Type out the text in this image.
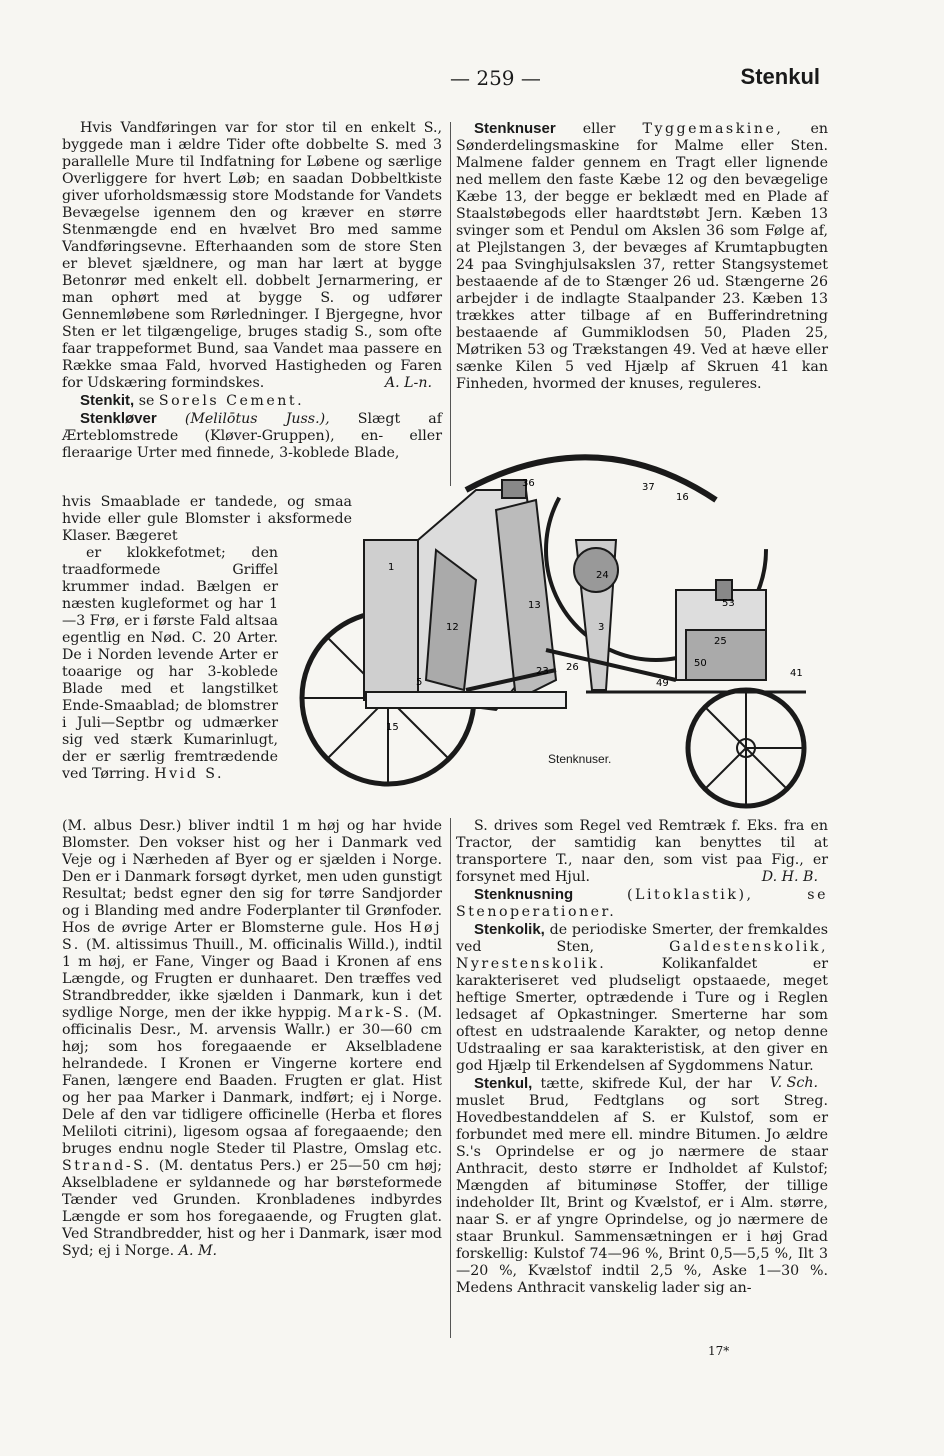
— 259 —	Stenkul

Hvis Vandføringen var for stor til en enkelt S., byggede man i ældre Tider ofte dobbelte S. med 3 parallelle Mure til Indfatning for Løbene og særlige Overliggere for hvert Løb; en saadan Dobbeltkiste giver uforholdsmæssig store Modstande for Vandets Bevægelse igennem den og kræver en større Stenmængde end en hvælvet Bro med samme Vandføringsevne. Efterhaanden som de store Sten er blevet sjældnere, og man har lært at bygge Betonrør med enkelt ell. dobbelt Jernarmering, er man ophørt med at bygge S. og udfører Gennemløbene som Rørledninger. I Bjergegne, hvor Sten er let tilgængelige, bruges stadig S., som ofte faar trappeformet Bund, saa Vandet maa passere en Række smaa Fald, hvorved Hastigheden og Faren for Udskæring formindskes.	A. L-n.

Stenkit, se Sorels Cement.

Stenkløver (Melilōtus Juss.), Slægt af Ærteblomstrede (Kløver-Gruppen), en- eller flerаarige Urter med finnede, 3-koblede Blade,

hvis Smaablade er tandede, og smaa hvide eller gule Blomster i aksformede Klaser. Bægeret

er klokkefotmet; den traadformede Griffel krummer indad. Bælgen er næsten kugleformet og har 1—3 Frø, er i første Fald altsaa egentlig en Nød. C. 20 Arter. De i Norden levende Arter er toaarige og har 3-koblede Blade med et langstilket Ende-Smaablad; de blomstrer i Juli—Septbr og udmærker sig ved stærk Kumarinlugt, der er særlig fremtrædende ved Tørring. Hvid S.

(M. albus Desr.) bliver indtil 1 m høj og har hvide Blomster. Den vokser hist og her i Danmark ved Veje og i Nærheden af Byer og er sjælden i Norge. Den er i Danmark forsøgt dyrket, men uden gunstigt Resultat; bedst egner den sig for tørre Sandjorder og i Blanding med andre Foderplanter til Grønfoder. Hos de øvrige Arter er Blomsterne gule. Hos Høj S. (M. altissimus Thuill., M. officinalis Willd.), indtil 1 m høj, er Fane, Vinger og Baad i Kronen af ens Længde, og Frugten er dunhaaret. Den træffes ved Strandbredder, ikke sjælden i Danmark, kun i det sydlige Norge, men der ikke hyppig. Mark-S. (M. officinalis Desr., M. arvensis Wallr.) er 30—60 cm høj; som hos foregaaende er Akselbladene helrandede. I Kronen er Vingerne kortere end Fanen, længere end Baaden. Frugten er glat. Hist og her paa Marker i Danmark, indført; ej i Norge. Dele af den var tidligere officinelle (Herba et flores Meliloti citrini), ligesom ogsaa af foregaaende; den bruges endnu nogle Steder til Plastre, Omslag etc. Strand-S. (M. dentatus Pers.) er 25—50 cm høj; Akselbladene er syldannede og har børsteformede Tænder ved Grunden. Kronbladenes indbyrdes Længde er som hos foregaaende, og Frugten glat. Ved Strandbredder, hist og her i Danmark, især mod Syd; ej i Norge. A. M.

Stenknuser eller Tyggemaskine, en Sønderdelingsmaskine for Malme eller Sten. Malmene falder gennem en Tragt eller lignende ned mellem den faste Kæbe 12 og den bevægelige Kæbe 13, der begge er beklædt med en Plade af Staalstøbegods eller haardtstøbt Jern. Kæben 13 svinger som et Pendul om Akslen 36 som Følge af, at Plejlstangen 3, der bevæges af Krumtapbugten 24 paa Svinghjulsakslen 37, retter Stangsystemet bestaaende af de to Stænger 26 ud. Stængerne 26 arbejder i de indlagte Staalpander 23. Kæben 13 trækkes atter tilbage af en Bufferindretning bestaaende af Gummiklodsen 50, Pladen 25, Møtriken 53 og Trækstangen 49. Ved at hæve eller sænke Kilen 5 ved Hjælp af Skruen 41 kan Finheden, hvormed der knuses, reguleres.

1
12
13
36
3
24
37
26
23
25
50
53
49
5
41
16
15
Stenknuser.

S. drives som Regel ved Remtræk f. Eks. fra en Tractor, der samtidig kan benyttes til at transportere T., naar den, som vist paa Fig., er forsynet med Hjul.	D. H. B.

Stenknusning (Litoklastik), se Stenoperationer.

Stenkolik, de periodiske Smerter, der fremkaldes ved Sten, Galdestenskolik, Nyrestenskolik. Kolikanfaldet er karakteriseret ved pludseligt opstaaede, meget heftige Smerter, optrædende i Ture og i Reglen ledsaget af Opkastninger. Smerterne har som oftest en udstraalende Karakter, og netop denne Udstraaling er saa karakteristisk, at den giver en god Hjælp til Erkendelsen af Sygdommens Natur.
V. Sch.

Stenkul, tætte, skifrede Kul, der har muslet Brud, Fedtglans og sort Streg. Hovedbestanddelen af S. er Kulstof, som er forbundet med mere ell. mindre Bitumen. Jo ældre S.'s Oprindelse er og jo nærmere de staar Anthracit, desto større er Indholdet af Kulstof; Mængden af bituminøse Stoffer, der tillige indeholder Ilt, Brint og Kvælstof, er i Alm. større, naar S. er af yngre Oprindelse, og jo nærmere de staar Brunkul. Sammensætningen er i høj Grad forskellig: Kulstof 74—96 %, Brint 0,5—5,5 %, Ilt 3—20 %, Kvælstof indtil 2,5 %, Aske 1—30 %. Medens Anthracit vanskelig lader sig an-

17*
